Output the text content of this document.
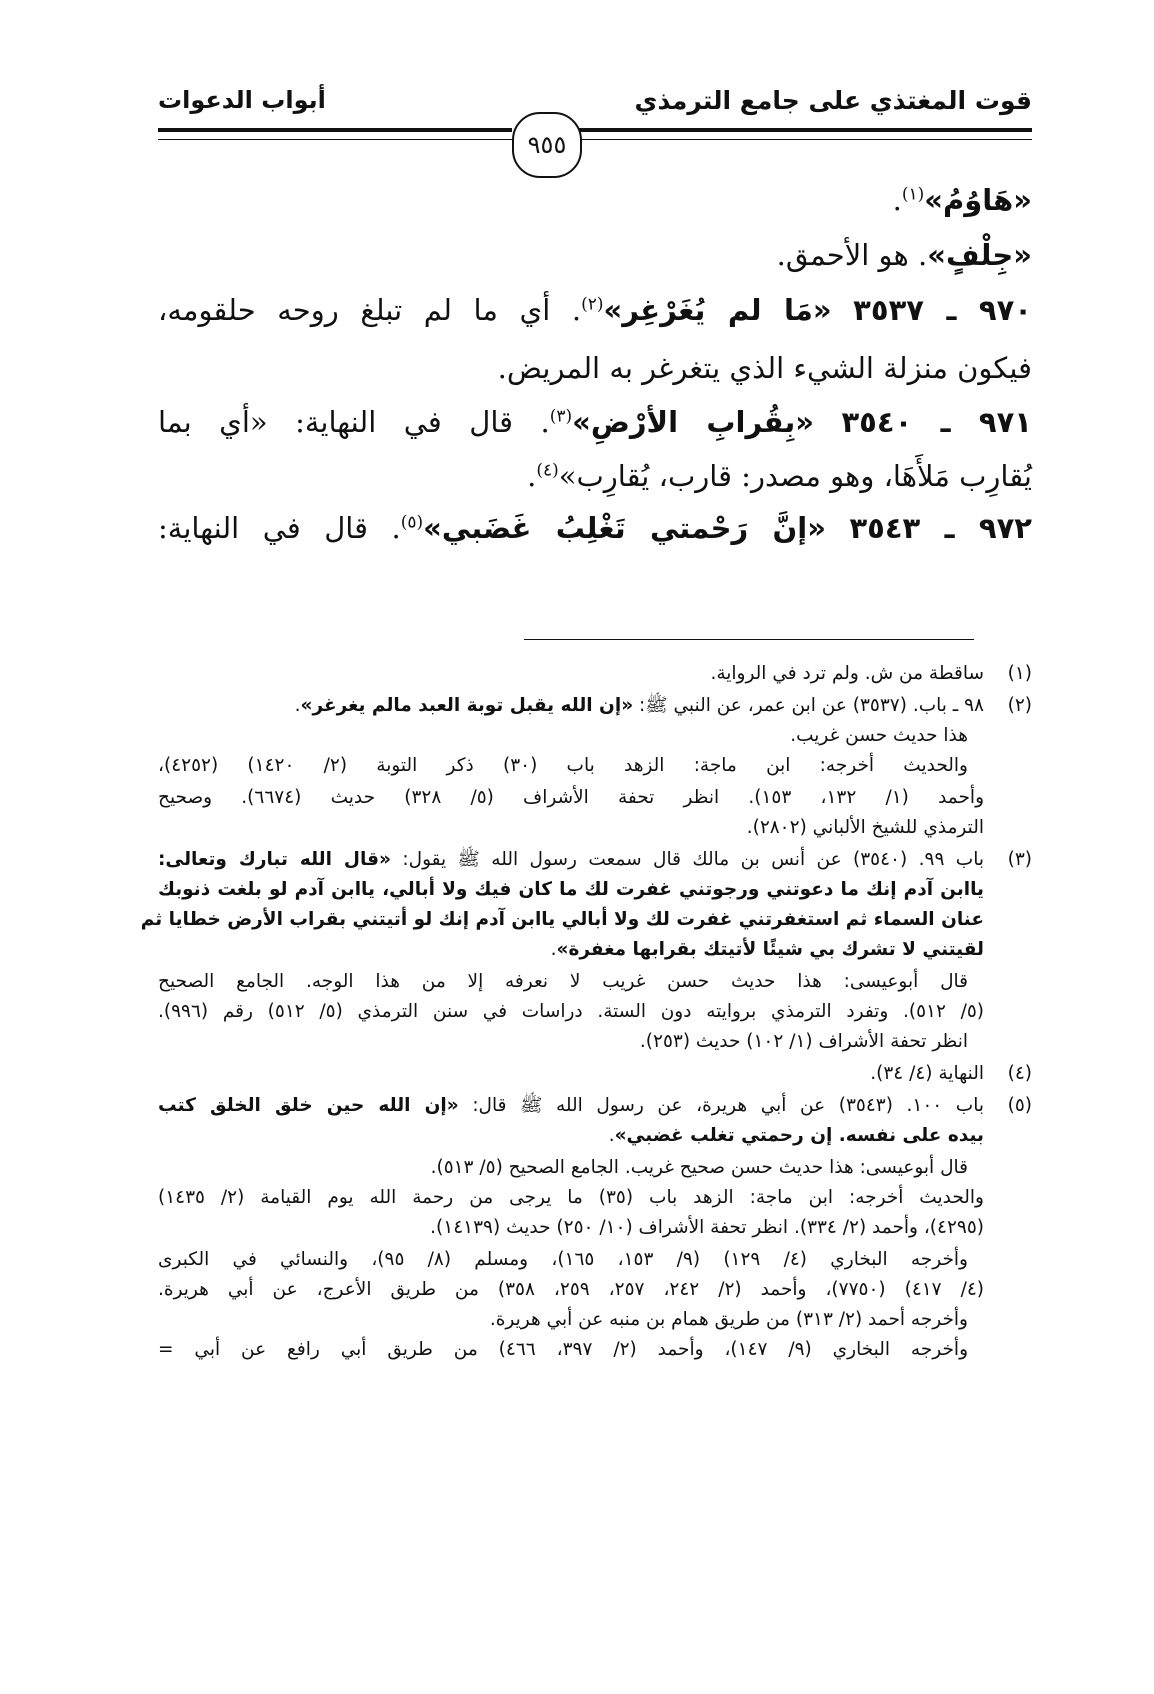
قوت المغتذي على جامع الترمذي
أبواب الدعوات
٩٥٥
«هَاوُمُ»$^{(١)}$.
«جِلْفٍ». هو الأحمق.
٩٧٠ ـ ٣٥٣٧ «مَا لم يُغَرْغِر»$^{(٢)}$. أي ما لم تبلغ روحه حلقومه،
فيكون منزلة الشيء الذي يتغرغر به المريض.
٩٧١ ـ ٣٥٤٠ «بِقُرابِ الأرْضِ»$^{(٣)}$. قال في النهاية: «أي بما
يُقارِب مَلأَهَا، وهو مصدر: قارب، يُقارِب»$^{(٤)}$.
٩٧٢ ـ ٣٥٤٣ «إنَّ رَحْمتي تَغْلِبُ غَضَبي»$^{(٥)}$. قال في النهاية:
(١)
ساقطة من ش. ولم ترد في الرواية.
(٢)
٩٨ ـ باب. (٣٥٣٧) عن ابن عمر، عن النبي ﷺ: «إن الله يقبل توبة العبد مالم يغرغر».
هذا حديث حسن غريب.
والحديث أخرجه: ابن ماجة: الزهد باب (٣٠) ذكر التوبة (٢/ ١٤٢٠) (٤٢٥٢)،
وأحمد (١/ ١٣٢، ١٥٣). انظر تحفة الأشراف (٥/ ٣٢٨) حديث (٦٦٧٤). وصحيح
الترمذي للشيخ الألباني (٢٨٠٢).
(٣)
باب ٩٩. (٣٥٤٠) عن أنس بن مالك قال سمعت رسول الله ﷺ يقول: «قال الله تبارك وتعالى:
ياابن آدم إنك ما دعوتني ورجوتني غفرت لك ما كان فيك ولا أبالي، ياابن آدم لو بلغت ذنوبك
عنان السماء ثم استغفرتني غفرت لك ولا أبالي ياابن آدم إنك لو أتيتني بقراب الأرض خطايا ثم
لقيتني لا تشرك بي شيئًا لأتيتك بقرابها مغفرة».
قال أبوعيسى: هذا حديث حسن غريب لا نعرفه إلا من هذا الوجه. الجامع الصحيح
(٥/ ٥١٢). وتفرد الترمذي بروايته دون الستة. دراسات في سنن الترمذي (٥/ ٥١٢) رقم (٩٩٦).
انظر تحفة الأشراف (١/ ١٠٢) حديث (٢٥٣).
(٤)
النهاية (٤/ ٣٤).
(٥)
باب ١٠٠. (٣٥٤٣) عن أبي هريرة، عن رسول الله ﷺ قال: «إن الله حين خلق الخلق كتب
بيده على نفسه. إن رحمتي تغلب غضبي».
قال أبوعيسى: هذا حديث حسن صحيح غريب. الجامع الصحيح (٥/ ٥١٣).
والحديث أخرجه: ابن ماجة: الزهد باب (٣٥) ما يرجى من رحمة الله يوم القيامة (٢/ ١٤٣٥)
(٤٢٩٥)، وأحمد (٢/ ٣٣٤). انظر تحفة الأشراف (١٠/ ٢٥٠) حديث (١٤١٣٩).
وأخرجه البخاري (٤/ ١٢٩) (٩/ ١٥٣، ١٦٥)، ومسلم (٨/ ٩٥)، والنسائي في الكبرى
(٤/ ٤١٧) (٧٧٥٠)، وأحمد (٢/ ٢٤٢، ٢٥٧، ٢٥٩، ٣٥٨) من طريق الأعرج، عن أبي هريرة.
وأخرجه أحمد (٢/ ٣١٣) من طريق همام بن منبه عن أبي هريرة.
وأخرجه البخاري (٩/ ١٤٧)، وأحمد (٢/ ٣٩٧، ٤٦٦) من طريق أبي رافع عن أبي =
